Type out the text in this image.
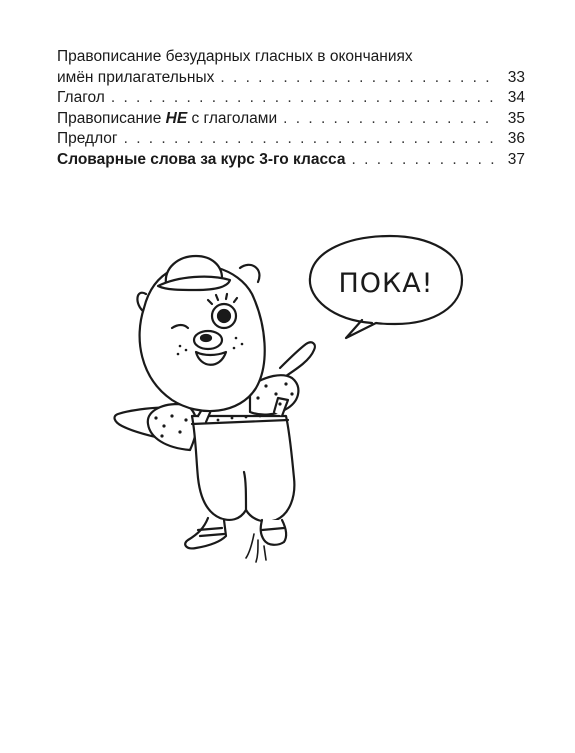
Правописание безударных гласных в окончаниях
имён прилагательных . . .	33
Глагол . . .	34
Правописание НЕ с глаголами . . .	35
Предлог . . .	36
Словарные слова за курс 3-го класса . . .	37
ПОКА!
